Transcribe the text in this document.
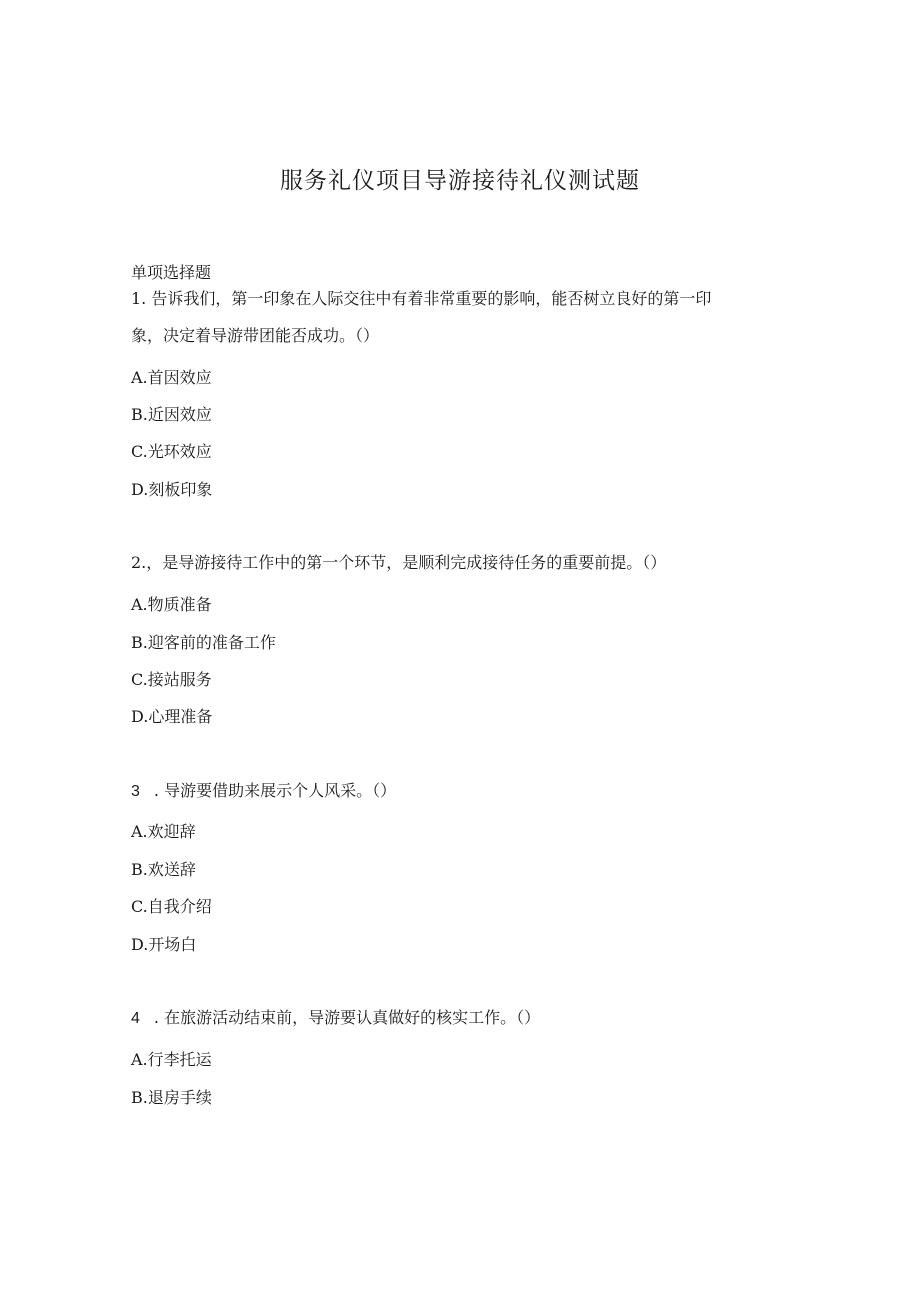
服务礼仪项目导游接待礼仪测试题
单项选择题
1. 告诉我们，第一印象在人际交往中有着非常重要的影响，能否树立良好的第一印
象，决定着导游带团能否成功。（）
A.首因效应
B.近因效应
C.光环效应
D.刻板印象
2.，是导游接待工作中的第一个环节，是顺利完成接待任务的重要前提。（）
A.物质准备
B.迎客前的准备工作
C.接站服务
D.心理准备
3 . 导游要借助来展示个人风采。（）
A.欢迎辞
B.欢送辞
C.自我介绍
D.开场白
4 . 在旅游活动结束前，导游要认真做好的核实工作。（）
A.行李托运
B.退房手续
